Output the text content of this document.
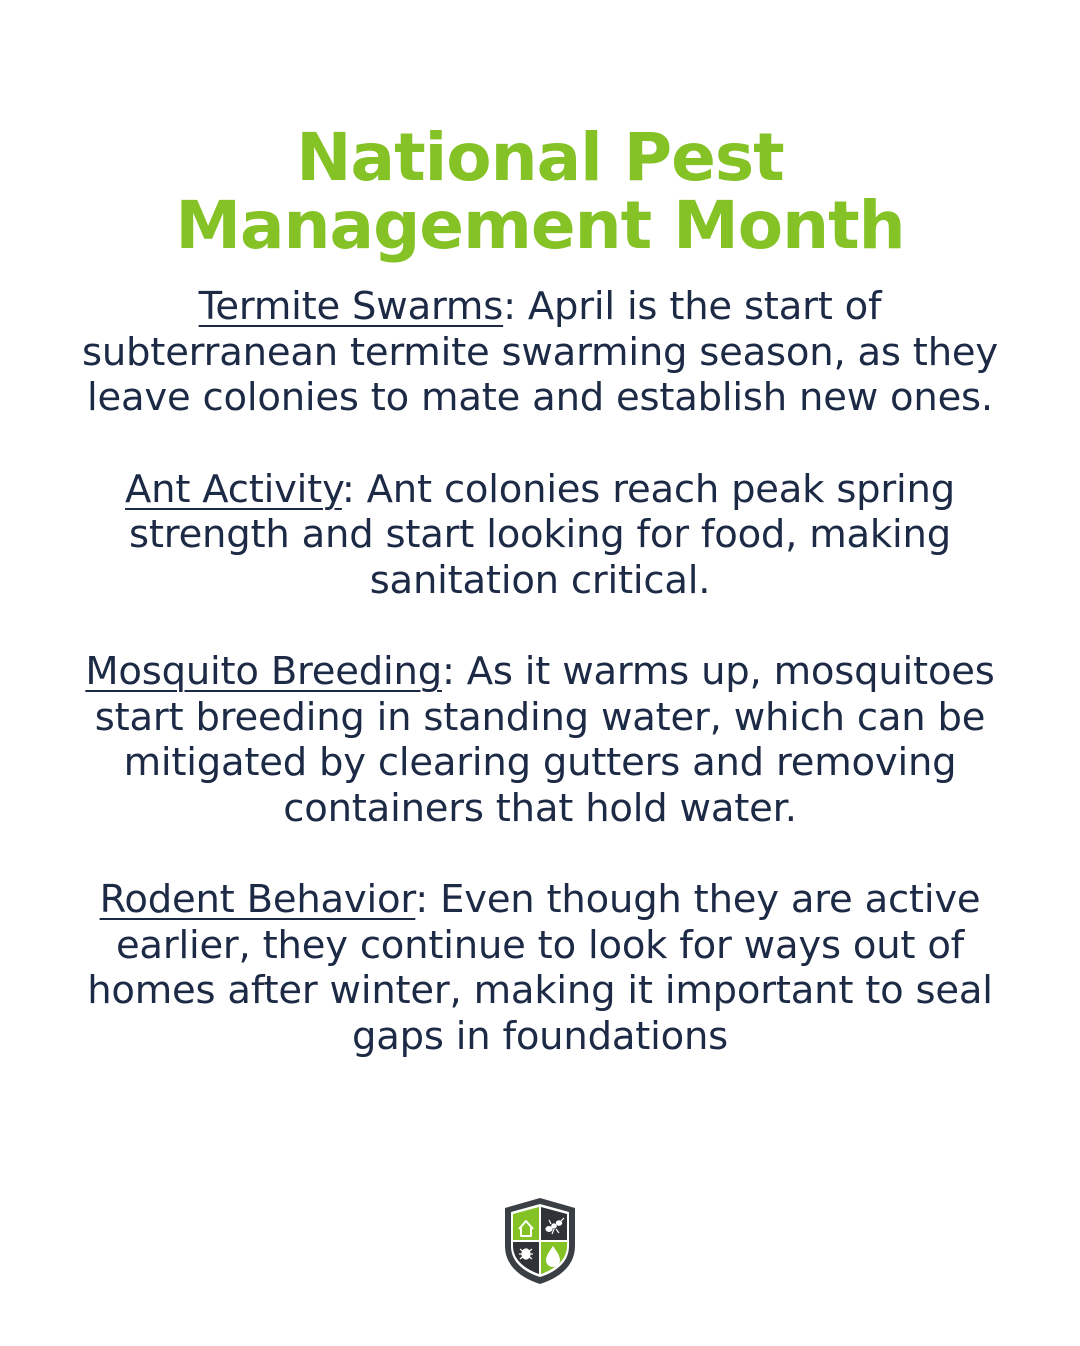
National Pest
Management Month

Termite Swarms: April is the start of subterranean termite swarming season, as they leave colonies to mate and establish new ones.

Ant Activity: Ant colonies reach peak spring strength and start looking for food, making sanitation critical.

Mosquito Breeding: As it warms up, mosquitoes start breeding in standing water, which can be mitigated by clearing gutters and removing containers that hold water.

Rodent Behavior: Even though they are active earlier, they continue to look for ways out of homes after winter, making it important to seal gaps in foundations
